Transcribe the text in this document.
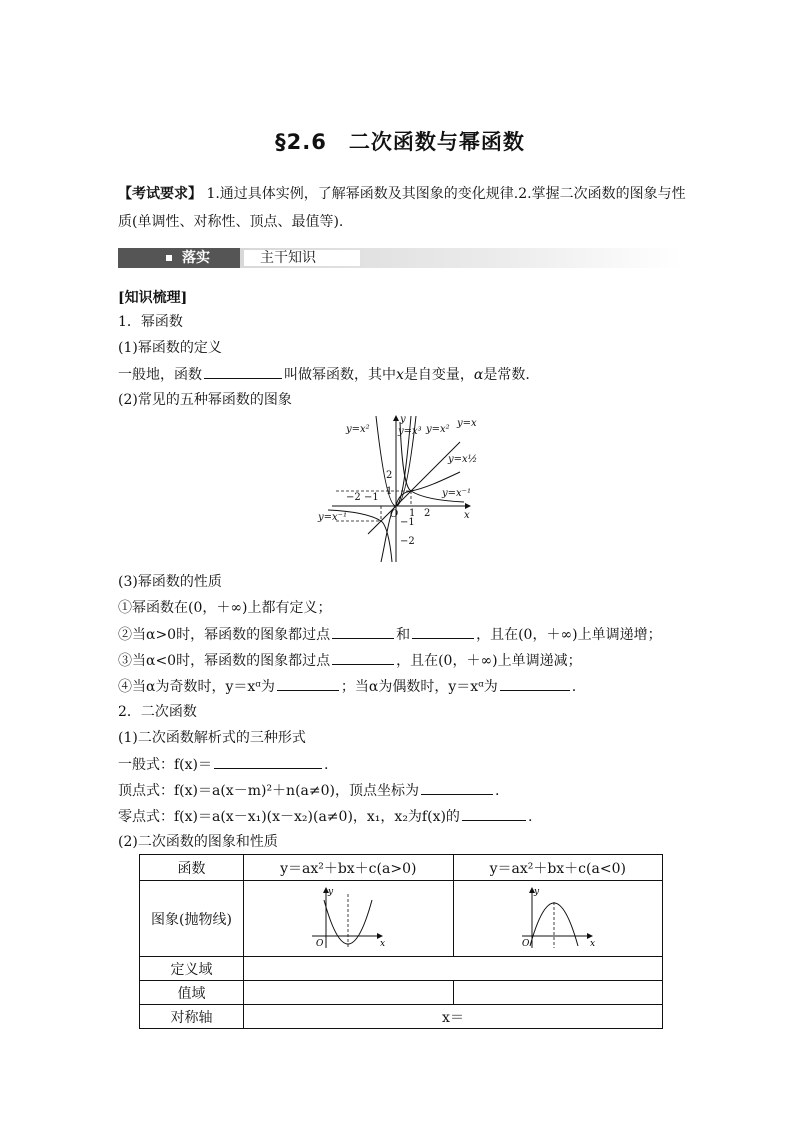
§2.6　二次函数与幂函数
【考试要求】 1.通过具体实例，了解幂函数及其图象的变化规律.2.掌握二次函数的图象与性
质(单调性、对称性、顶点、最值等).
落实	主干知识
[知识梳理]
1．幂函数
(1)幂函数的定义
一般地，函数	叫做幂函数，其中x是自变量，α是常数.
(2)常见的五种幂函数的图象
y=x²	y=x³ y=x²
y=x
y=x½
y=x⁻¹
y=x⁻¹
y
x
O
2
1
−1
−2
−2 −1
1 2
(3)幂函数的性质
①幂函数在(0，＋∞)上都有定义；
②当α>0时，幂函数的图象都过点	和	，且在(0，＋∞)上单调递增；
③当α<0时，幂函数的图象都过点	，且在(0，＋∞)上单调递减；
④当α为奇数时，y＝xᵅ为	；当α为偶数时，y＝xᵅ为	.
2．二次函数
(1)二次函数解析式的三种形式
一般式：f(x)＝	.
顶点式：f(x)＝a(x－m)²＋n(a≠0)，顶点坐标为	.
零点式：f(x)＝a(x－x₁)(x－x₂)(a≠0)，x₁，x₂为f(x)的	.
(2)二次函数的图象和性质
函数	y＝ax²＋bx＋c(a>0)	y＝ax²＋bx＋c(a<0)
图象(抛物线)	y
x
O	y
x
O

定义域		
值域		
对称轴	x＝	
